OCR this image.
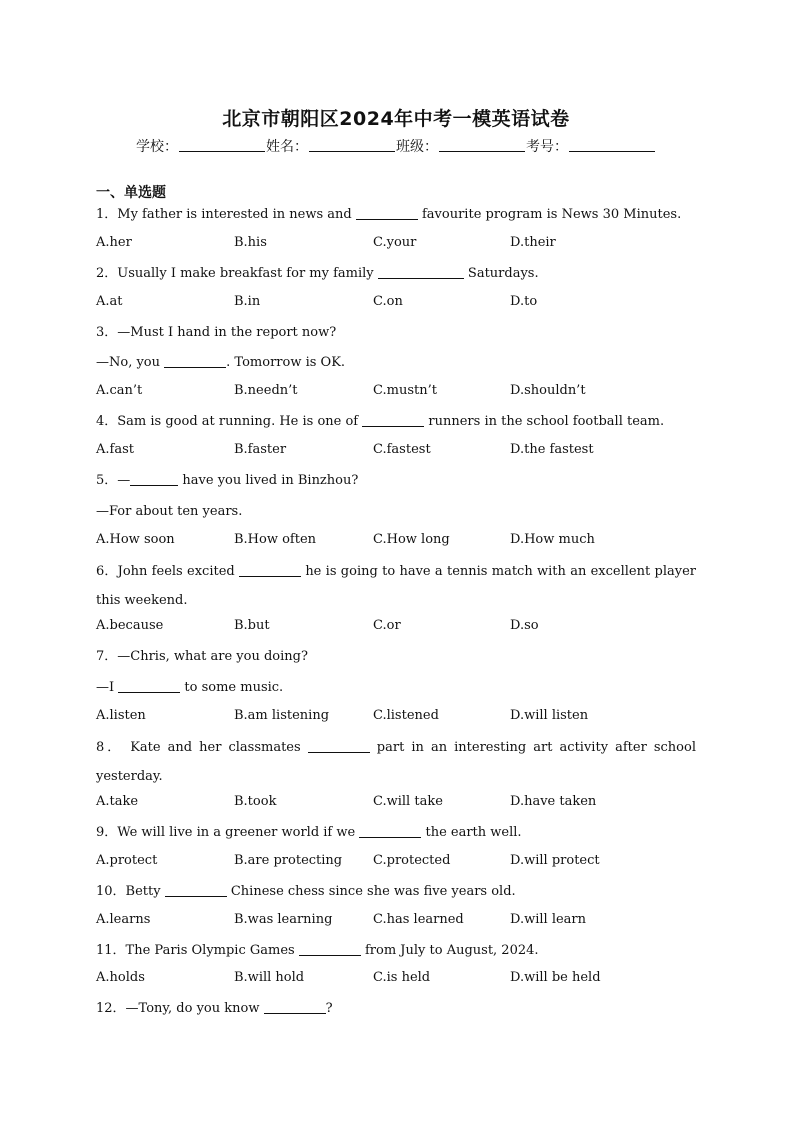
北京市朝阳区2024年中考一模英语试卷
学校：	姓名：	班级：	考号：
一、单选题
1．My father is interested in news and	favourite program is News 30 Minutes.
A.her	B.his	C.your	D.their
2．Usually I make breakfast for my family	Saturdays.
A.at	B.in	C.on	D.to
3．—Must I hand in the report now?
—No, you	. Tomorrow is OK.
A.can’t	B.needn’t	C.mustn’t	D.shouldn’t
4．Sam is good at running. He is one of	runners in the school football team.
A.fast	B.faster	C.fastest	D.the fastest
5．—	have you lived in Binzhou?
—For about ten years.
A.How soon	B.How often	C.How long	D.How much
6．John feels excited	he is going to have a tennis match with an excellent player this weekend.
A.because	B.but	C.or	D.so
7．—Chris, what are you doing?
—I	to some music.
A.listen	B.am listening	C.listened	D.will listen
8． Kate and her classmates	part in an interesting art activity after school yesterday.
A.take	B.took	C.will take	D.have taken
9．We will live in a greener world if we	the earth well.
A.protect	B.are protecting C.protected	D.will protect
10．Betty	Chinese chess since she was five years old.
A.learns	B.was learning	C.has learned	D.will learn
11．The Paris Olympic Games	from July to August, 2024.
A.holds	B.will hold	C.is held	D.will be held
12．—Tony, do you know	?
